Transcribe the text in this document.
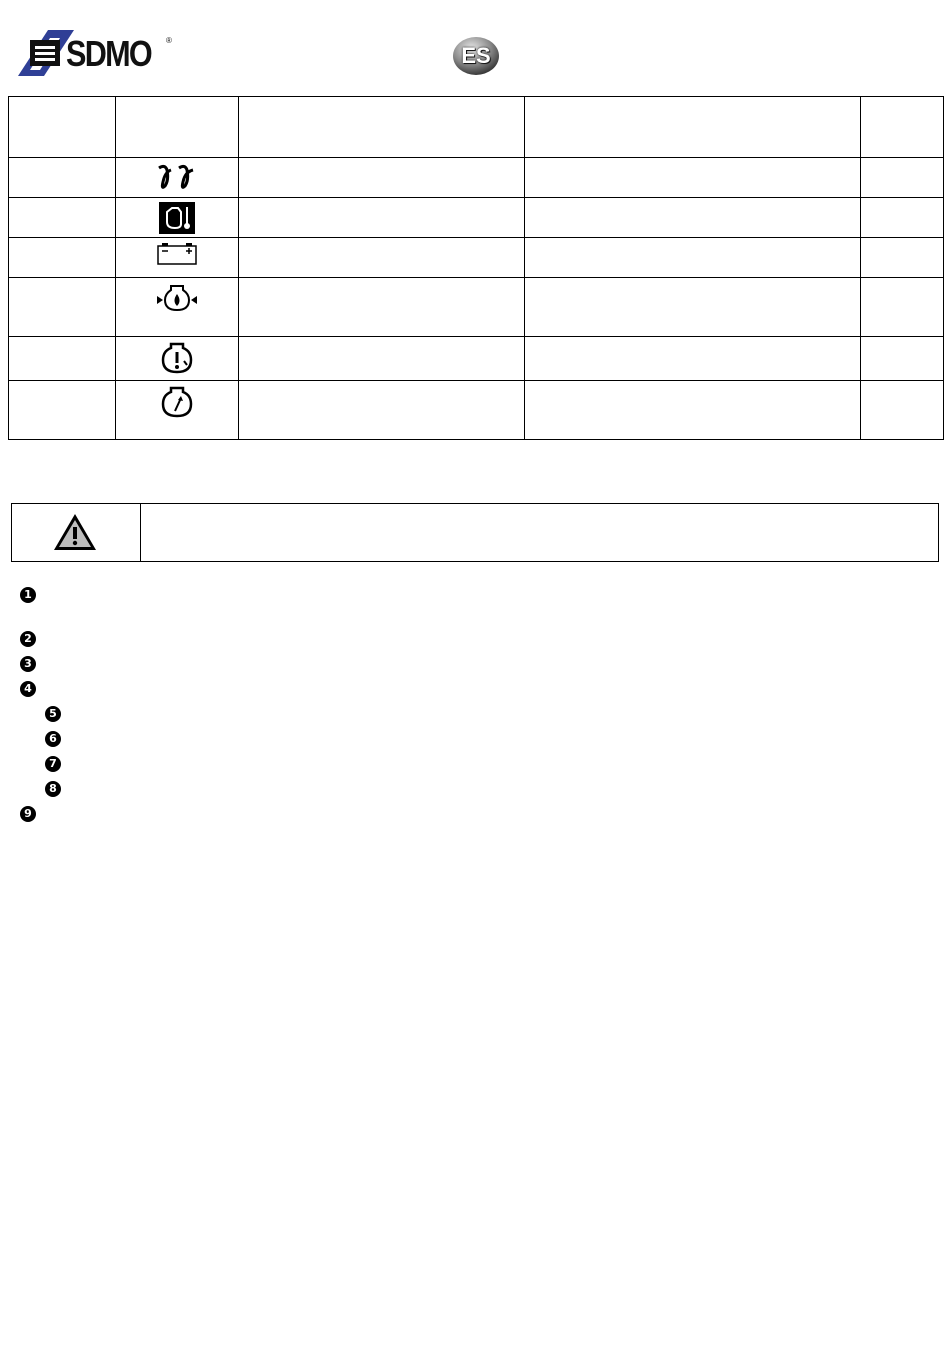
SDMO ®
ES

1
2
3
4
5
6
7
8
9
